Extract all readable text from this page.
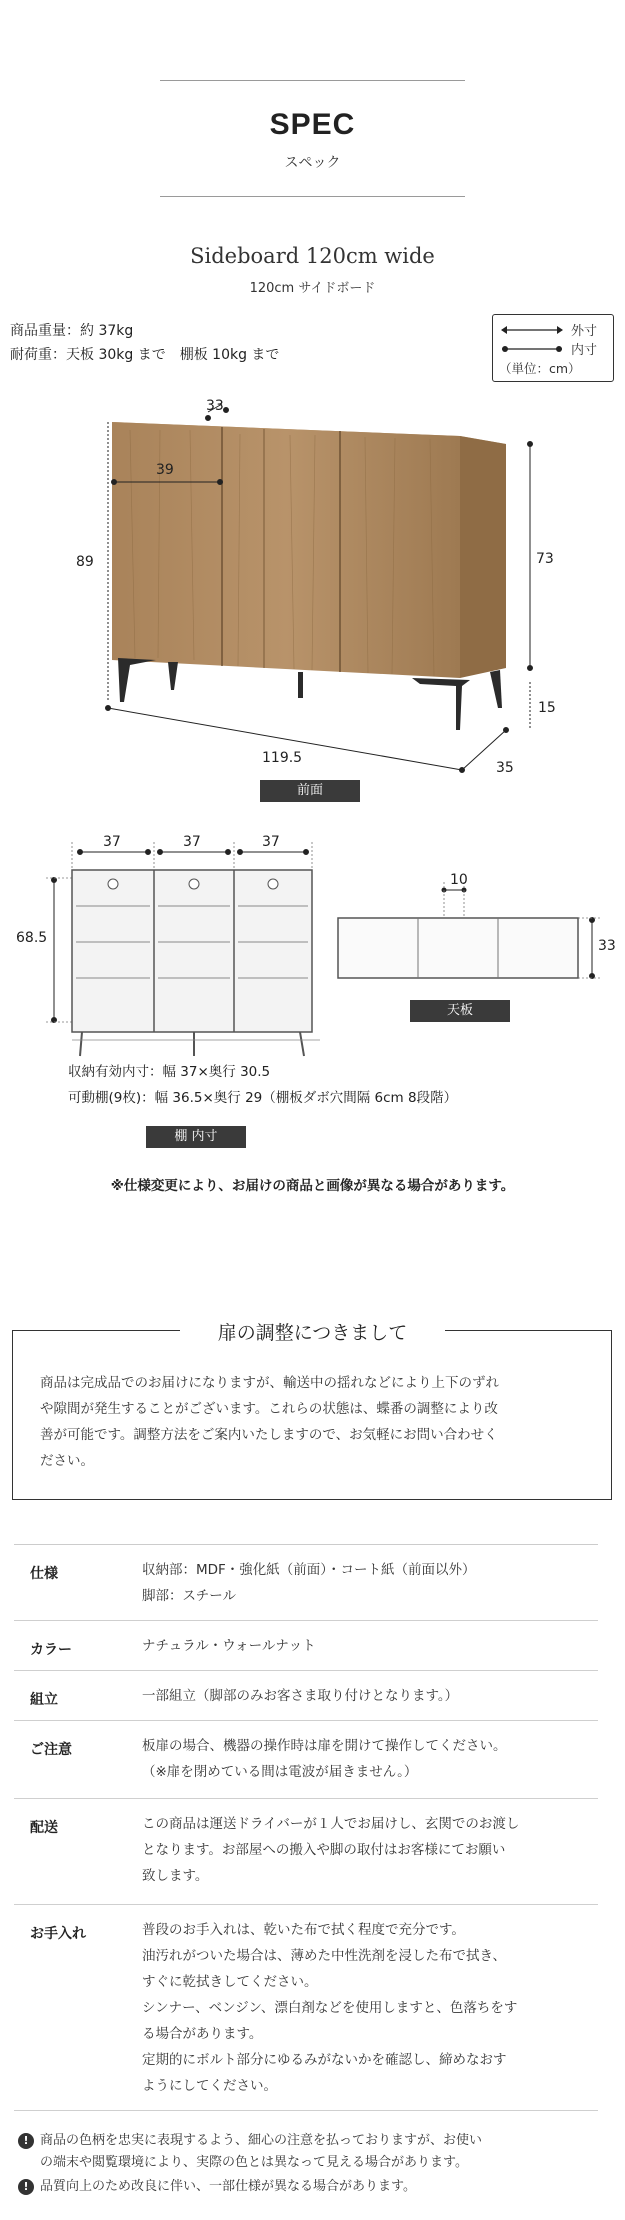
SPEC
スペック
Sideboard 120cm wide
120cm サイドボード
商品重量：約 37kg
耐荷重：天板 30kg まで　棚板 10kg まで
外寸
内寸
（単位：cm）
33
39
89	73
15
119.5
35
前面
37	37	37
68.5
収納有効内寸：幅 37×奥行 30.5
可動棚(9枚)：幅 36.5×奥行 29（棚板ダボ穴間隔 6cm 8段階）
棚 内寸
10
33
天板
※仕様変更により、お届けの商品と画像が異なる場合があります。
扉の調整につきまして
商品は完成品でのお届けになりますが、輸送中の揺れなどにより上下のずれ
や隙間が発生することがございます。これらの状態は、蝶番の調整により改
善が可能です。調整方法をご案内いたしますので、お気軽にお問い合わせく
ださい。
仕様	収納部：MDF・強化紙（前面）・コート紙（前面以外）
脚部：スチール
カラー	ナチュラル・ウォールナット
組立	一部組立（脚部のみお客さま取り付けとなります。）
ご注意	板扉の場合、機器の操作時は扉を開けて操作してください。
（※扉を閉めている間は電波が届きません。）
配送	この商品は運送ドライバーが１人でお届けし、玄関でのお渡し
となります。お部屋への搬入や脚の取付はお客様にてお願い
致します。
お手入れ	普段のお手入れは、乾いた布で拭く程度で充分です。
油汚れがついた場合は、薄めた中性洗剤を浸した布で拭き、
すぐに乾拭きしてください。
シンナー、ベンジン、漂白剤などを使用しますと、色落ちをす
る場合があります。
定期的にボルト部分にゆるみがないかを確認し、締めなおす
ようにしてください。
! 商品の色柄を忠実に表現するよう、細心の注意を払っておりますが、お使い
の端末や閲覧環境により、実際の色とは異なって見える場合があります。
! 品質向上のため改良に伴い、一部仕様が異なる場合があります。
